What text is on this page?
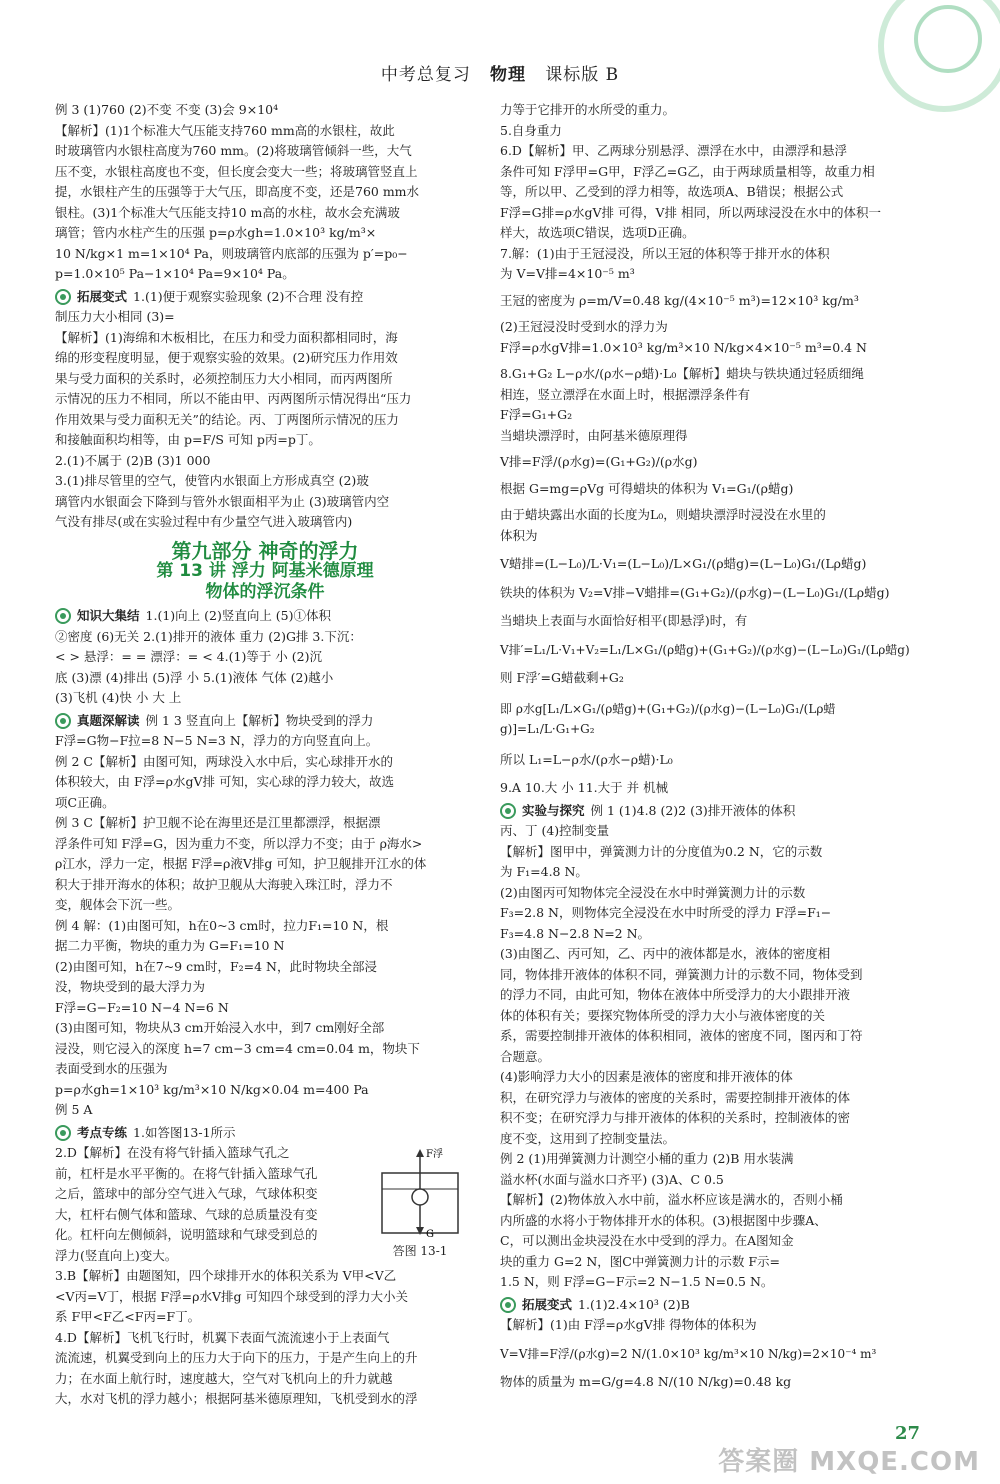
中考总复习 物理 课标版 B

例 3 (1)760 (2)不变 不变 (3)会 9×10⁴

【解析】(1)1个标准大气压能支持760 mm高的水银柱，故此

时玻璃管内水银柱高度为760 mm。(2)将玻璃管倾斜一些，大气

压不变，水银柱高度也不变，但长度会变大一些；将玻璃管竖直上

提，水银柱产生的压强等于大气压，即高度不变，还是760 mm水

银柱。(3)1个标准大气压能支持10 m高的水柱，故水会充满玻

璃管；管内水柱产生的压强 p=ρ水gh=1.0×10³ kg/m³×

10 N/kg×1 m=1×10⁴ Pa，则玻璃管内底部的压强为 p′=p₀−

p=1.0×10⁵ Pa−1×10⁴ Pa=9×10⁴ Pa。

拓展变式 1.(1)便于观察实验现象 (2)不合理 没有控

制压力大小相同 (3)=

【解析】(1)海绵和木板相比，在压力和受力面积都相同时，海

绵的形变程度明显，便于观察实验的效果。(2)研究压力作用效

果与受力面积的关系时，必须控制压力大小相同，而丙两图所

示情况的压力不相同，所以不能由甲、丙两图所示情况得出“压力

作用效果与受力面积无关”的结论。丙、丁两图所示情况的压力

和接触面积均相等，由 p=F/S 可知 p丙=p丁。

2.(1)不属于 (2)B (3)1 000

3.(1)排尽管里的空气，使管内水银面上方形成真空 (2)玻

璃管内水银面会下降到与管外水银面相平为止 (3)玻璃管内空

气没有排尽(或在实验过程中有少量空气进入玻璃管内)

第九部分 神奇的浮力
第 13 讲 浮力 阿基米德原理
物体的浮沉条件
知识大集结 1.(1)向上 (2)竖直向上 (5)①体积

②密度 (6)无关 2.(1)排开的液体 重力 (2)G排 3.下沉：

< > 悬浮：= = 漂浮：= < 4.(1)等于 小 (2)沉

底 (3)漂 (4)排出 (5)浮 小 5.(1)液体 气体 (2)越小

(3)飞机 (4)快 小 大 上

真题深解读 例 1 3 竖直向上【解析】物块受到的浮力

F浮=G物−F拉=8 N−5 N=3 N，浮力的方向竖直向上。

例 2 C【解析】由图可知，两球没入水中后，实心球排开水的

体积较大，由 F浮=ρ水gV排 可知，实心球的浮力较大，故选

项C正确。

例 3 C【解析】护卫舰不论在海里还是江里都漂浮，根据漂

浮条件可知 F浮=G，因为重力不变，所以浮力不变；由于 ρ海水>

ρ江水，浮力一定，根据 F浮=ρ液V排g 可知，护卫舰排开江水的体

积大于排开海水的体积；故护卫舰从大海驶入珠江时，浮力不

变，舰体会下沉一些。

例 4 解：(1)由图可知，h在0~3 cm时，拉力F₁=10 N，根

据二力平衡，物块的重力为 G=F₁=10 N

(2)由图可知，h在7~9 cm时，F₂=4 N，此时物块全部浸

没，物块受到的最大浮力为

F浮=G−F₂=10 N−4 N=6 N

(3)由图可知，物块从3 cm开始浸入水中，到7 cm刚好全部

浸没，则它浸入的深度 h=7 cm−3 cm=4 cm=0.04 m，物块下

表面受到水的压强为

p=ρ水gh=1×10³ kg/m³×10 N/kg×0.04 m=400 Pa

例 5 A

考点专练 1.如答图13-1所示
F浮
G
答图 13-1

2.D【解析】在没有将气针插入篮球气孔之

前，杠杆是水平平衡的。在将气针插入篮球气孔

之后，篮球中的部分空气进入气球，气球体积变

大，杠杆右侧气体和篮球、气球的总质量没有变

化。杠杆向左侧倾斜，说明篮球和气球受到总的

浮力(竖直向上)变大。

3.B【解析】由题图知，四个球排开水的体积关系为 V甲<V乙

<V丙=V丁，根据 F浮=ρ水V排g 可知四个球受到的浮力大小关

系 F甲<F乙<F丙=F丁。

4.D【解析】飞机飞行时，机翼下表面气流流速小于上表面气

流流速，机翼受到向上的压力大于向下的压力，于是产生向上的升

力；在水面上航行时，速度越大，空气对飞机向上的升力就越

大，水对飞机的浮力越小；根据阿基米德原理知，飞机受到水的浮

力等于它排开的水所受的重力。

5.自身重力

6.D【解析】甲、乙两球分别悬浮、漂浮在水中，由漂浮和悬浮

条件可知 F浮甲=G甲，F浮乙=G乙，由于两球质量相等，故重力相

等，所以甲、乙受到的浮力相等，故选项A、B错误；根据公式

F浮=G排=ρ水gV排 可得，V排 相同，所以两球浸没在水中的体积一

样大，故选项C错误，选项D正确。

7.解：(1)由于王冠浸没，所以王冠的体积等于排开水的体积

为 V=V排=4×10⁻⁵ m³

王冠的密度为 ρ=m/V=0.48 kg/(4×10⁻⁵ m³)=12×10³ kg/m³

(2)王冠浸没时受到水的浮力为

F浮=ρ水gV排=1.0×10³ kg/m³×10 N/kg×4×10⁻⁵ m³=0.4 N

8.G₁+G₂ L−ρ水/(ρ水−ρ蜡)·L₀【解析】蜡块与铁块通过轻质细绳

相连，竖立漂浮在水面上时，根据漂浮条件有

F浮=G₁+G₂

当蜡块漂浮时，由阿基米德原理得

V排=F浮/(ρ水g)=(G₁+G₂)/(ρ水g)

根据 G=mg=ρVg 可得蜡块的体积为 V₁=G₁/(ρ蜡g)

由于蜡块露出水面的长度为L₀，则蜡块漂浮时浸没在水里的

体积为

V蜡排=(L−L₀)/L·V₁=(L−L₀)/L×G₁/(ρ蜡g)=(L−L₀)G₁/(Lρ蜡g)

铁块的体积为 V₂=V排−V蜡排=(G₁+G₂)/(ρ水g)−(L−L₀)G₁/(Lρ蜡g)

当蜡块上表面与水面恰好相平(即悬浮)时，有

V排′=L₁/L·V₁+V₂=L₁/L×G₁/(ρ蜡g)+(G₁+G₂)/(ρ水g)−(L−L₀)G₁/(Lρ蜡g)

则 F浮′=G蜡截剩+G₂

即 ρ水g[L₁/L×G₁/(ρ蜡g)+(G₁+G₂)/(ρ水g)−(L−L₀)G₁/(Lρ蜡g)]=L₁/L·G₁+G₂

所以 L₁=L−ρ水/(ρ水−ρ蜡)·L₀

9.A 10.大 小 11.大于 并 机械

实验与探究 例 1 (1)4.8 (2)2 (3)排开液体的体积

丙、丁 (4)控制变量

【解析】图甲中，弹簧测力计的分度值为0.2 N，它的示数

为 F₁=4.8 N。

(2)由图丙可知物体完全浸没在水中时弹簧测力计的示数

F₃=2.8 N，则物体完全浸没在水中时所受的浮力 F浮=F₁−

F₃=4.8 N−2.8 N=2 N。

(3)由图乙、丙可知，乙、丙中的液体都是水，液体的密度相

同，物体排开液体的体积不同，弹簧测力计的示数不同，物体受到

的浮力不同，由此可知，物体在液体中所受浮力的大小跟排开液

体的体积有关；要探究物体所受的浮力大小与液体密度的关

系，需要控制排开液体的体积相同，液体的密度不同，图丙和丁符

合题意。

(4)影响浮力大小的因素是液体的密度和排开液体的体

积，在研究浮力与液体的密度的关系时，需要控制排开液体的体

积不变；在研究浮力与排开液体的体积的关系时，控制液体的密

度不变，这用到了控制变量法。

例 2 (1)用弹簧测力计测空小桶的重力 (2)B 用水装满

溢水杯(水面与溢水口齐平) (3)A、C 0.5

【解析】(2)物体放入水中前，溢水杯应该是满水的，否则小桶

内所盛的水将小于物体排开水的体积。(3)根据图中步骤A、

C，可以测出金块浸没在水中受到的浮力。在A图知金

块的重力 G=2 N，图C中弹簧测力计的示数 F示=

1.5 N，则 F浮=G−F示=2 N−1.5 N=0.5 N。

拓展变式 1.(1)2.4×10³ (2)B

【解析】(1)由 F浮=ρ水gV排 得物体的体积为

V=V排=F浮/(ρ水g)=2 N/(1.0×10³ kg/m³×10 N/kg)=2×10⁻⁴ m³

物体的质量为 m=G/g=4.8 N/(10 N/kg)=0.48 kg

27
答案圈 MXQE.COM
